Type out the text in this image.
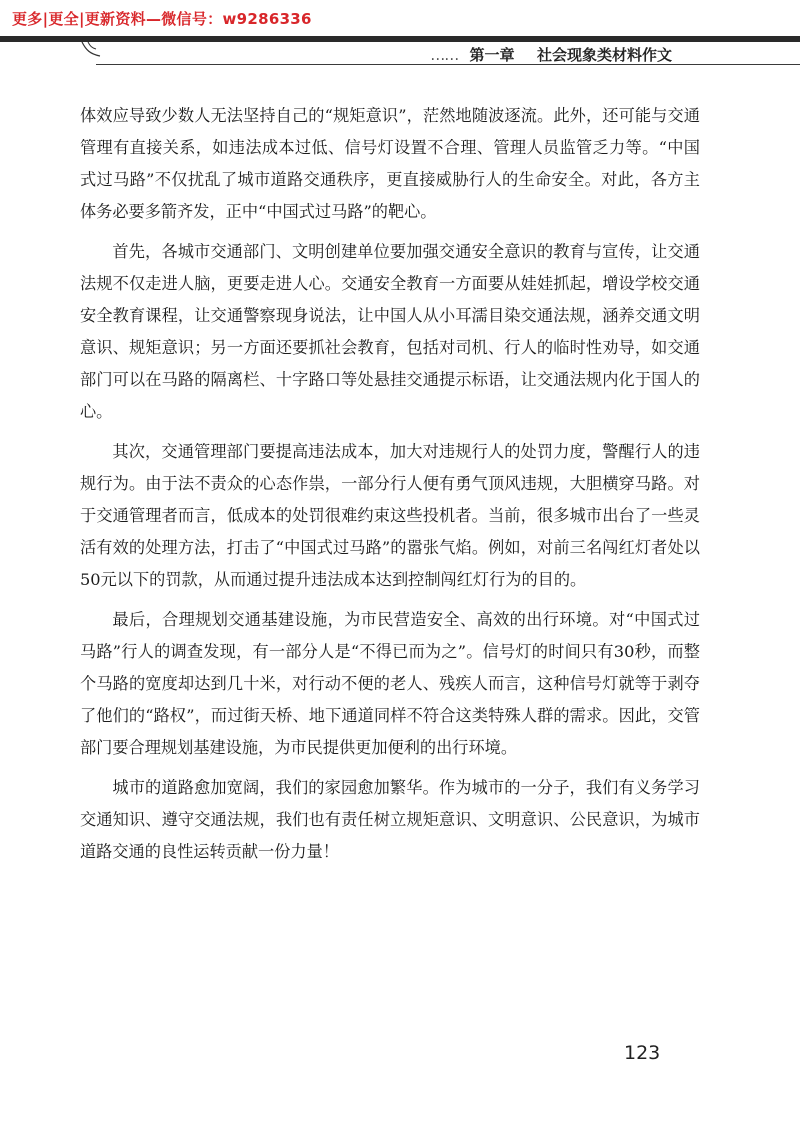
更多|更全|更新资料—微信号：w9286336
…… 第一章 社会现象类材料作文

体效应导致少数人无法坚持自己的“规矩意识”，茫然地随波逐流。此外，还可能与交通管理有直接关系，如违法成本过低、信号灯设置不合理、管理人员监管乏力等。“中国式过马路”不仅扰乱了城市道路交通秩序，更直接威胁行人的生命安全。对此，各方主体务必要多箭齐发，正中“中国式过马路”的靶心。

首先，各城市交通部门、文明创建单位要加强交通安全意识的教育与宣传，让交通法规不仅走进人脑，更要走进人心。交通安全教育一方面要从娃娃抓起，增设学校交通安全教育课程，让交通警察现身说法，让中国人从小耳濡目染交通法规，涵养交通文明意识、规矩意识；另一方面还要抓社会教育，包括对司机、行人的临时性劝导，如交通部门可以在马路的隔离栏、十字路口等处悬挂交通提示标语，让交通法规内化于国人的心。

其次，交通管理部门要提高违法成本，加大对违规行人的处罚力度，警醒行人的违规行为。由于法不责众的心态作祟，一部分行人便有勇气顶风违规，大胆横穿马路。对于交通管理者而言，低成本的处罚很难约束这些投机者。当前，很多城市出台了一些灵活有效的处理方法，打击了“中国式过马路”的嚣张气焰。例如，对前三名闯红灯者处以50元以下的罚款，从而通过提升违法成本达到控制闯红灯行为的目的。

最后，合理规划交通基建设施，为市民营造安全、高效的出行环境。对“中国式过马路”行人的调查发现，有一部分人是“不得已而为之”。信号灯的时间只有30秒，而整个马路的宽度却达到几十米，对行动不便的老人、残疾人而言，这种信号灯就等于剥夺了他们的“路权”，而过街天桥、地下通道同样不符合这类特殊人群的需求。因此，交管部门要合理规划基建设施，为市民提供更加便利的出行环境。

城市的道路愈加宽阔，我们的家园愈加繁华。作为城市的一分子，我们有义务学习交通知识、遵守交通法规，我们也有责任树立规矩意识、文明意识、公民意识，为城市道路交通的良性运转贡献一份力量！

123
